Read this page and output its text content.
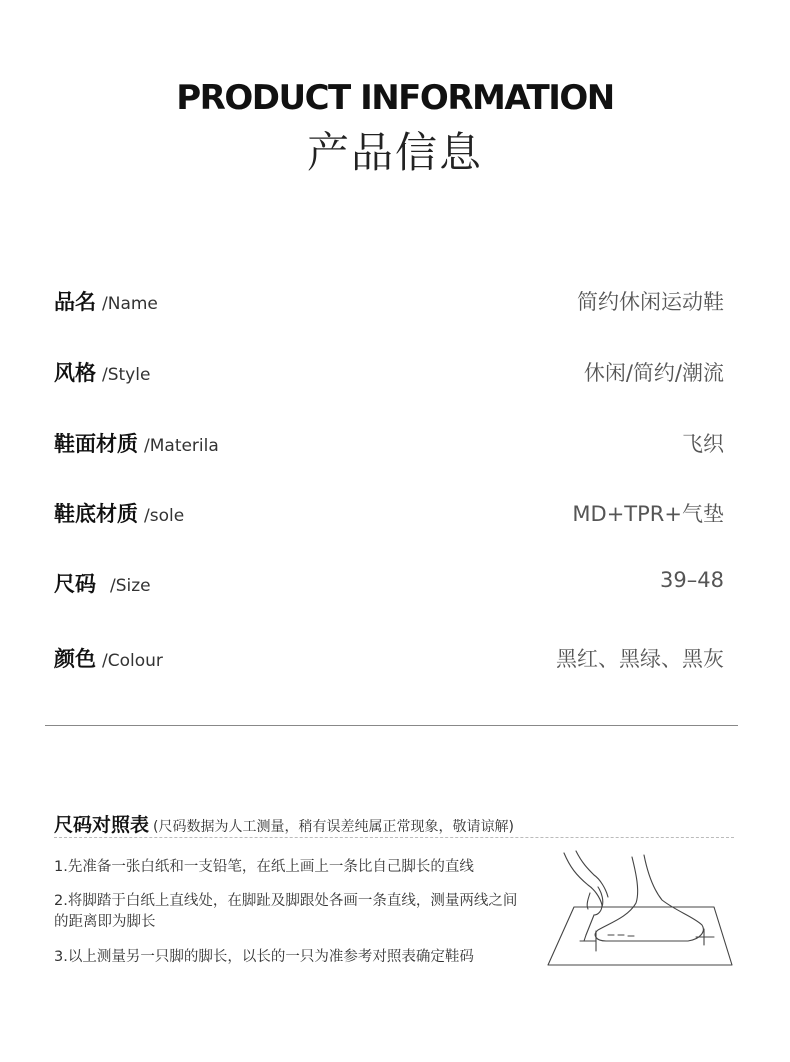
PRODUCT INFORMATION
产品信息
品名 /Name	简约休闲运动鞋
风格 /Style	休闲/简约/潮流
鞋面材质 /Materila	飞织
鞋底材质 /sole	MD+TPR+气垫
尺码 /Size	39–48
颜色 /Colour	黑红、黑绿、黑灰
尺码对照表 (尺码数据为人工测量，稍有误差纯属正常现象，敬请谅解)
1.先准备一张白纸和一支铅笔，在纸上画上一条比自己脚长的直线
2.将脚踏于白纸上直线处，在脚趾及脚跟处各画一条直线，测量两线之间的距离即为脚长
3.以上测量另一只脚的脚长，以长的一只为准参考对照表确定鞋码
